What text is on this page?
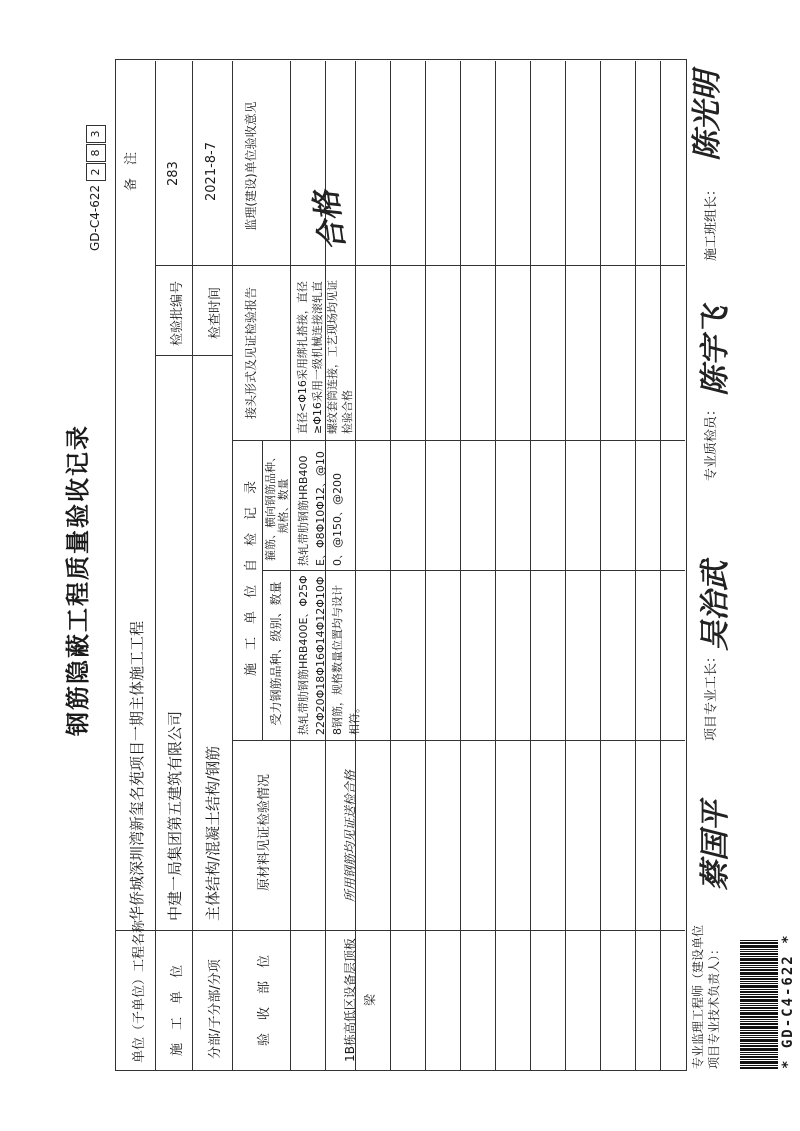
钢筋隐蔽工程质量验收记录
GD-C4-622
2
8
3
单位（子单位）工程名称
华侨城深圳湾新玺名苑项目一期主体施工工程
施　工　单　位
中建一局集团第五建筑有限公司
检验批编号
283
分部/子分部/分项
主体结构/混凝土结构/钢筋
检查时间
2021-8-7
验　收　部　位
原材料见证检验情况
施　工　单　位　自　检　记　录 受力钢筋品种、级别、数量
箍筋、横向钢筋品种、规格、数量
接头形式及见证检验报告
监理(建设)单位验收意见
备　注
1B栋高低区设备层顶板梁
所用钢筋均见证送检合格
热轧带肋钢筋HRB400E、Φ25Φ22Φ20Φ18Φ16Φ14Φ12Φ10Φ8钢筋，规格数量位置均与设计相符。
热轧带肋钢筋HRB400E、Φ8Φ10Φ12、@100、@150、@200
直径<Φ16采用绑扎搭接，直径≥Φ16采用一级机械连接滚轧直螺纹套筒连接，工艺现场均见证检验合格
合格
专业监理工程师（建设单位项目专业技术负责人）：
蔡国平
项目专业工长：
吴治武
专业质检员：
陈宇飞
施工班组长：
陈光明
* GD-C4-622 *
